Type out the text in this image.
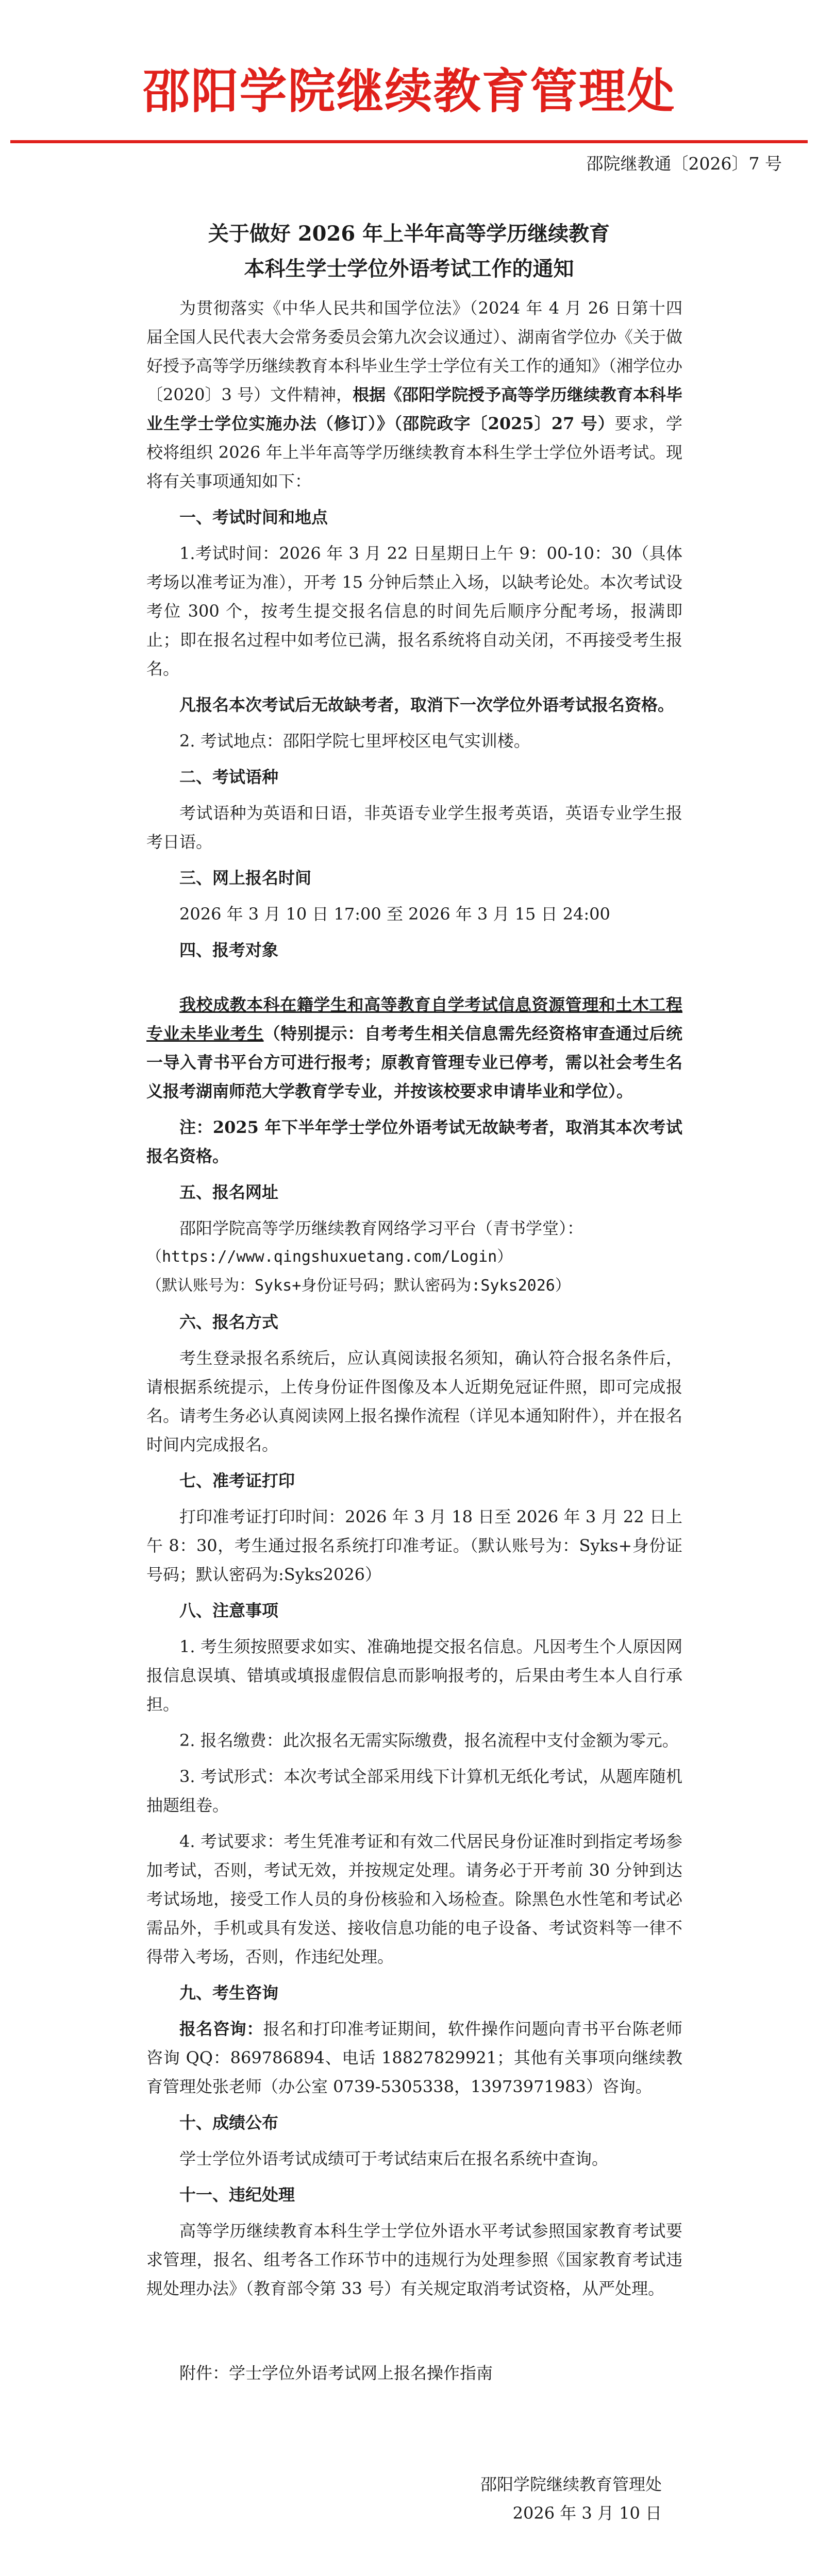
邵阳学院继续教育管理处
邵院继教通〔2026〕7 号
关于做好 2026 年上半年高等学历继续教育
本科生学士学位外语考试工作的通知

为贯彻落实《中华人民共和国学位法》（2024 年 4 月 26 日第十四届全国人民代表大会常务委员会第九次会议通过）、湖南省学位办《关于做好授予高等学历继续教育本科毕业生学士学位有关工作的通知》（湘学位办〔2020〕3 号）文件精神，根据《邵阳学院授予高等学历继续教育本科毕业生学士学位实施办法（修订）》（邵院政字〔2025〕27 号）要求，学校将组织 2026 年上半年高等学历继续教育本科生学士学位外语考试。现将有关事项通知如下：

一、考试时间和地点

1.考试时间：2026 年 3 月 22 日星期日上午 9：00-10：30（具体考场以准考证为准），开考 15 分钟后禁止入场，以缺考论处。本次考试设考位 300 个，按考生提交报名信息的时间先后顺序分配考场，报满即止；即在报名过程中如考位已满，报名系统将自动关闭，不再接受考生报名。

凡报名本次考试后无故缺考者，取消下一次学位外语考试报名资格。

2. 考试地点：邵阳学院七里坪校区电气实训楼。

二、考试语种

考试语种为英语和日语，非英语专业学生报考英语，英语专业学生报考日语。

三、网上报名时间

2026 年 3 月 10 日 17:00 至 2026 年 3 月 15 日 24:00

四、报考对象

我校成教本科在籍学生和高等教育自学考试信息资源管理和土木工程专业未毕业考生（特别提示：自考考生相关信息需先经资格审查通过后统一导入青书平台方可进行报考；原教育管理专业已停考，需以社会考生名义报考湖南师范大学教育学专业，并按该校要求申请毕业和学位）。

注：2025 年下半年学士学位外语考试无故缺考者，取消其本次考试报名资格。

五、报名网址

邵阳学院高等学历继续教育网络学习平台（青书学堂）：

（https://www.qingshuxuetang.com/Login）

（默认账号为：Syks+身份证号码；默认密码为:Syks2026）

六、报名方式

考生登录报名系统后，应认真阅读报名须知，确认符合报名条件后，请根据系统提示，上传身份证件图像及本人近期免冠证件照，即可完成报名。请考生务必认真阅读网上报名操作流程（详见本通知附件），并在报名时间内完成报名。

七、准考证打印

打印准考证打印时间：2026 年 3 月 18 日至 2026 年 3 月 22 日上午 8：30，考生通过报名系统打印准考证。（默认账号为：Syks+身份证号码；默认密码为:Syks2026）

八、注意事项

1. 考生须按照要求如实、准确地提交报名信息。凡因考生个人原因网报信息误填、错填或填报虚假信息而影响报考的，后果由考生本人自行承担。

2. 报名缴费：此次报名无需实际缴费，报名流程中支付金额为零元。

3. 考试形式：本次考试全部采用线下计算机无纸化考试，从题库随机抽题组卷。

4. 考试要求：考生凭准考证和有效二代居民身份证准时到指定考场参加考试，否则，考试无效，并按规定处理。请务必于开考前 30 分钟到达考试场地，接受工作人员的身份核验和入场检查。除黑色水性笔和考试必需品外，手机或具有发送、接收信息功能的电子设备、考试资料等一律不得带入考场，否则，作违纪处理。

九、考生咨询

报名咨询：报名和打印准考证期间，软件操作问题向青书平台陈老师咨询 QQ：869786894、电话 18827829921；其他有关事项向继续教育管理处张老师（办公室 0739-5305338，13973971983）咨询。

十、成绩公布

学士学位外语考试成绩可于考试结束后在报名系统中查询。

十一、违纪处理

高等学历继续教育本科生学士学位外语水平考试参照国家教育考试要求管理，报名、组考各工作环节中的违规行为处理参照《国家教育考试违规处理办法》（教育部令第 33 号）有关规定取消考试资格，从严处理。

附件：学士学位外语考试网上报名操作指南

邵阳学院继续教育管理处
2026 年 3 月 10 日
